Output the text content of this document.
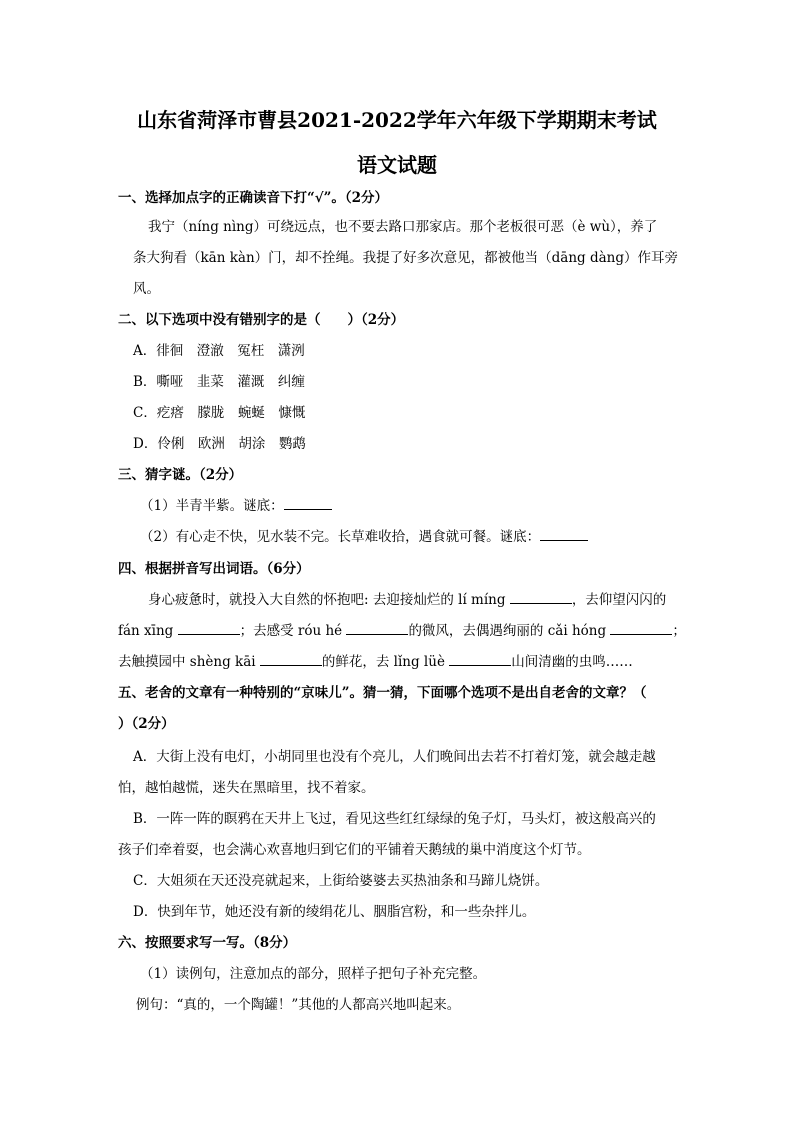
山东省菏泽市曹县2021-2022学年六年级下学期期末考试
语文试题
一、选择加点字的正确读音下打“√”。（2分）
我宁（níng nìng）可绕远点，也不要去路口那家店。那个老板很可恶（è wù），养了
条大狗看（kān kàn）门，却不拴绳。我提了好多次意见，都被他当（dāng dàng）作耳旁
风。
二、以下选项中没有错别字的是（　　）（2分）
A．徘徊　澄澈　冤枉　潇洌
B．嘶哑　韭菜　灌溉　纠缠
C．疙瘩　朦胧　蜿蜒　慷慨
D．伶俐　欧洲　胡涂　鹦鹉
三、猜字谜。（2分）
（1）半青半紫。谜底：
（2）有心走不快，见水装不完。长草难收拾，遇食就可餐。谜底：
四、根据拼音写出词语。（6分）
身心疲惫时，就投入大自然的怀抱吧: 去迎接灿烂的 lí míng	，去仰望闪闪的
fán xīng	；去感受 róu hé	的微风，去偶遇绚丽的 cǎi hóng	；
去触摸园中 shèng kāi	的鲜花，去 lǐng lüè	山间清幽的虫鸣……
五、老舍的文章有一种特别的“京味儿”。猜一猜，下面哪个选项不是出自老舍的文章？（
）（2分）
A．大街上没有电灯，小胡同里也没有个亮儿，人们晚间出去若不打着灯笼，就会越走越
怕，越怕越慌，迷失在黑暗里，找不着家。
B．一阵一阵的瞑鸦在天井上飞过，看见这些红红绿绿的兔子灯，马头灯，被这般高兴的
孩子们牵着耍，也会满心欢喜地归到它们的平铺着天鹅绒的巢中消度这个灯节。
C．大姐须在天还没亮就起来，上街给婆婆去买热油条和马蹄儿烧饼。
D．快到年节，她还没有新的绫绢花儿、胭脂宫粉，和一些杂拌儿。
六、按照要求写一写。（8分）
（1）读例句，注意加点的部分，照样子把句子补充完整。
例句：“真的，一个陶罐！”其他的人都高兴地叫起来。
